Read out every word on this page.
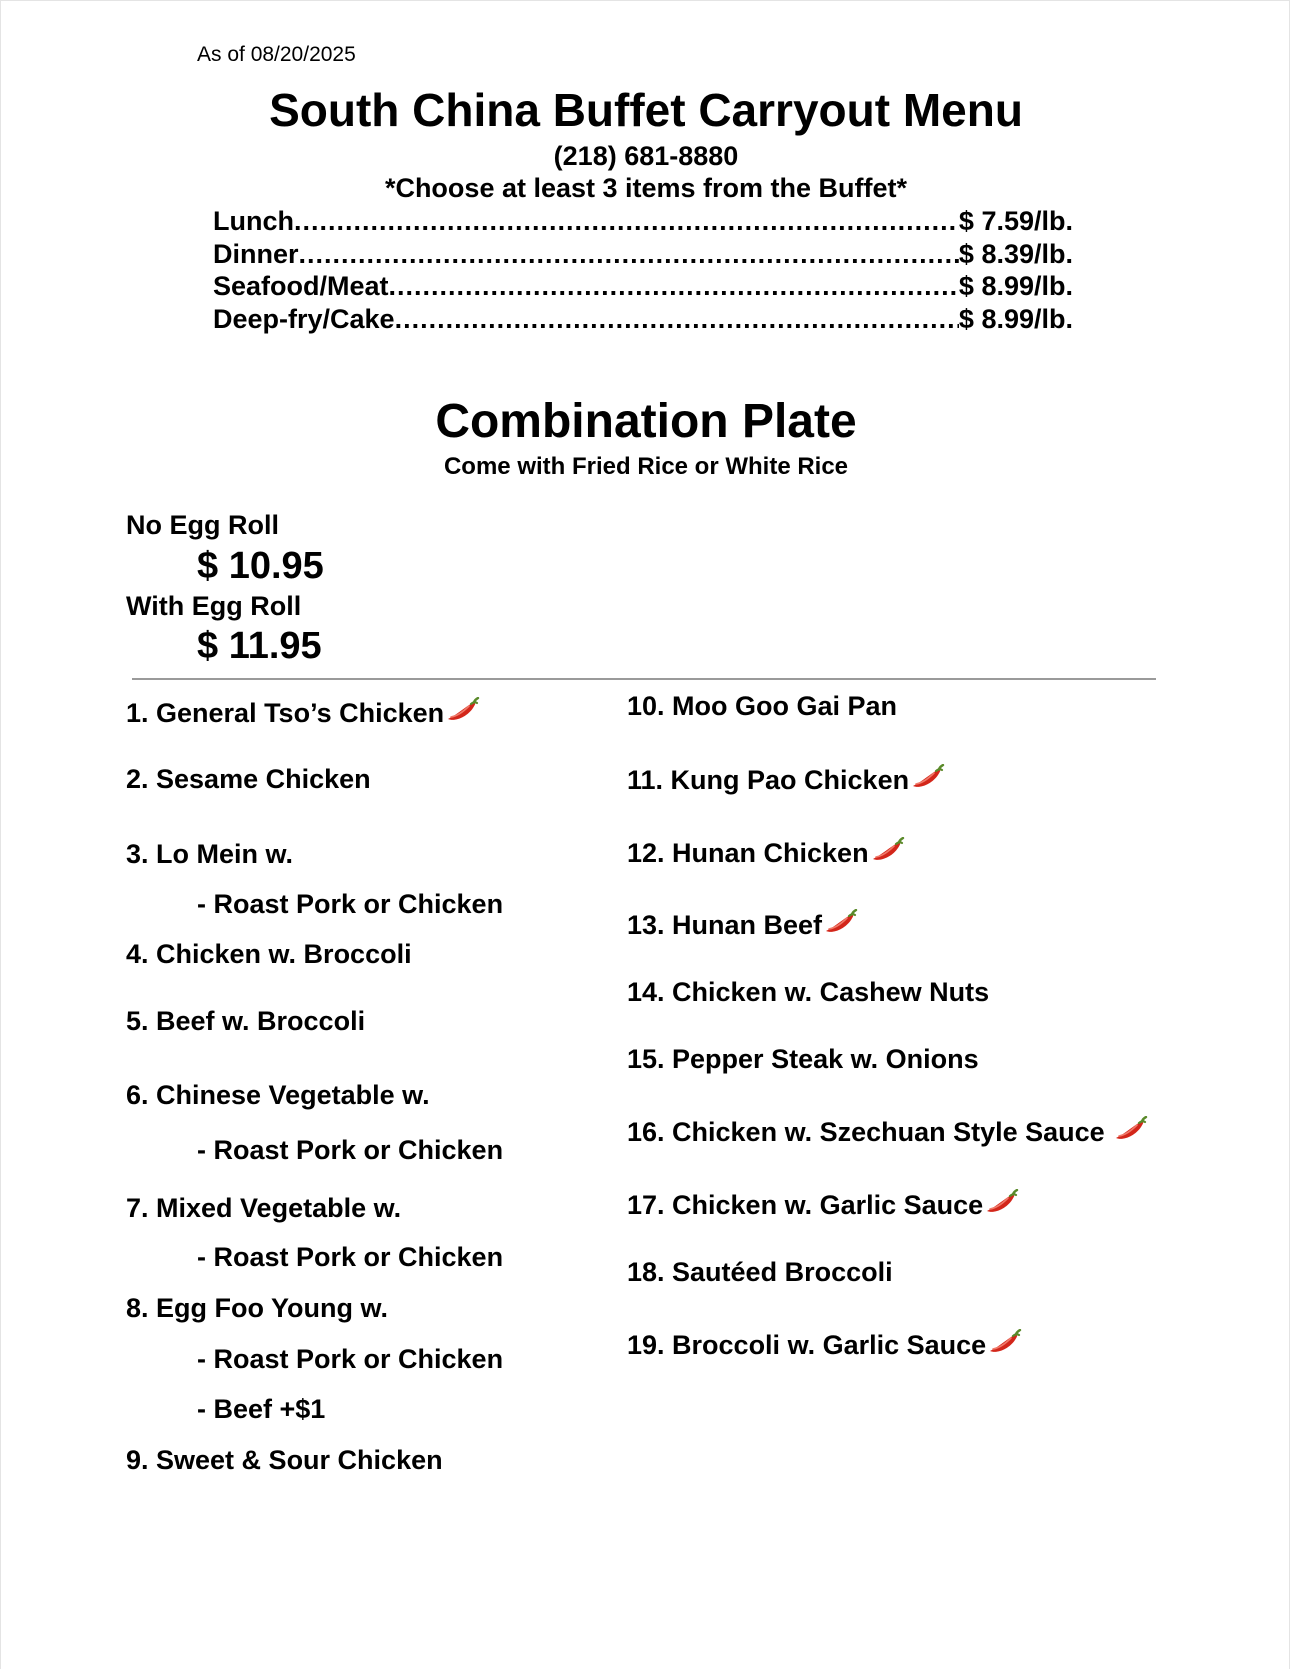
As of 08/20/2025
South China Buffet Carryout Menu
(218) 681-8880
*Choose at least 3 items from the Buffet*
Lunch .....	$ 7.59/lb.
Dinner .....	$ 8.39/lb.
Seafood/Meat .....	$ 8.99/lb.
Deep-fry/Cake .....	$ 8.99/lb.
Combination Plate
Come with Fried Rice or White Rice
No Egg Roll
$ 10.95
With Egg Roll
$ 11.95
1. General Tso’s Chicken
2. Sesame Chicken
3. Lo Mein w.
- Roast Pork or Chicken
4. Chicken w. Broccoli
5. Beef w. Broccoli
6. Chinese Vegetable w.
- Roast Pork or Chicken
7. Mixed Vegetable w.
- Roast Pork or Chicken
8. Egg Foo Young w.
- Roast Pork or Chicken
- Beef +$1
9. Sweet & Sour Chicken
10. Moo Goo Gai Pan
11. Kung Pao Chicken
12. Hunan Chicken
13. Hunan Beef
14. Chicken w. Cashew Nuts
15. Pepper Steak w. Onions
16. Chicken w. Szechuan Style Sauce
17. Chicken w. Garlic Sauce
18. Sautéed Broccoli
19. Broccoli w. Garlic Sauce
